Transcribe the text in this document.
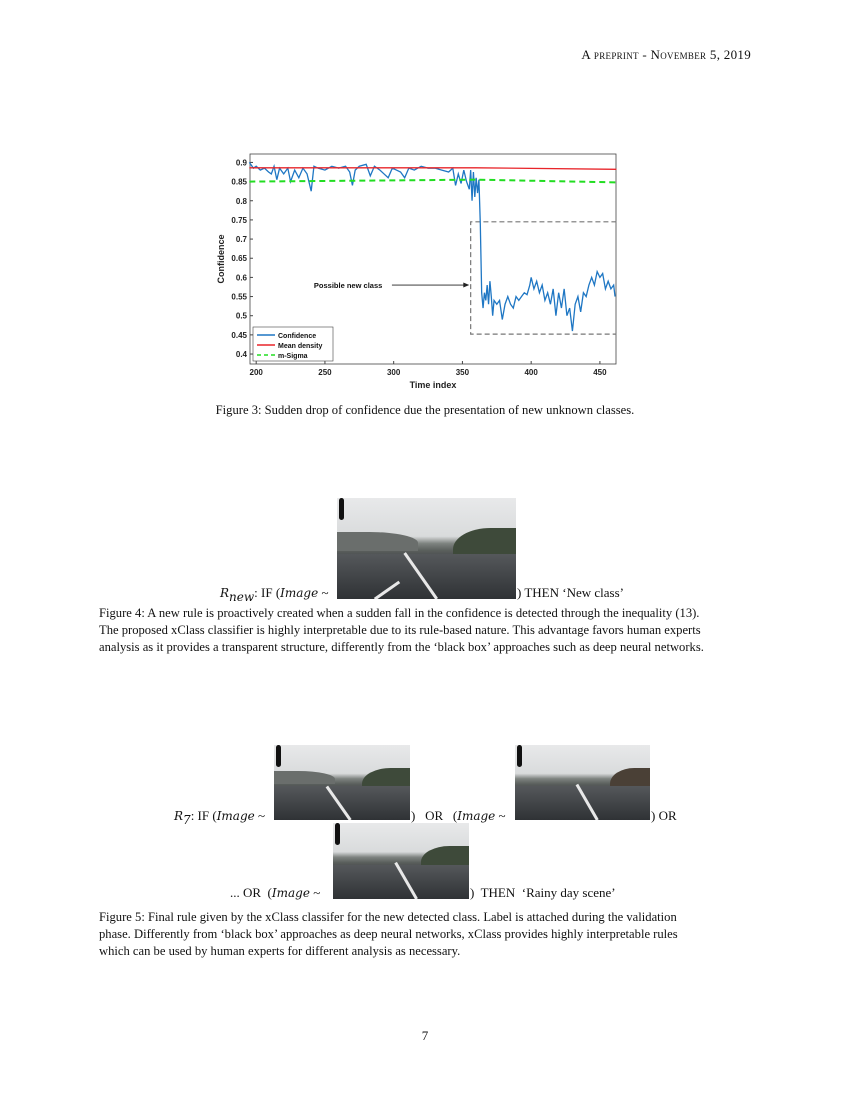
A preprint - November 5, 2019
0.4
0.45
0.5
0.55
0.6
0.65
0.7
0.75
0.8
0.85
0.9
200	250	300	350	400	450
Time index
Confidence
Possible new class
Confidence
Mean density
m-Sigma
Figure 3: Sudden drop of confidence due the presentation of new unknown classes.
$R_{new}$: IF (Image ~	) THEN ‘New class’
Figure 4: A new rule is proactively created when a sudden fall in the confidence is detected through the inequality (13).
The proposed xClass classifier is highly interpretable due to its rule-based nature. This advantage favors human experts
analysis as it provides a transparent structure, differently from the ‘black box’ approaches such as deep neural networks.
$R_7$: IF (Image ~	)   OR   (Image ~	) OR
... OR  (Image ~	)  THEN  ‘Rainy day scene’
Figure 5: Final rule given by the xClass classifer for the new detected class. Label is attached during the validation
phase. Differently from ‘black box’ approaches as deep neural networks, xClass provides highly interpretable rules
which can be used by human experts for different analysis as necessary.
7
